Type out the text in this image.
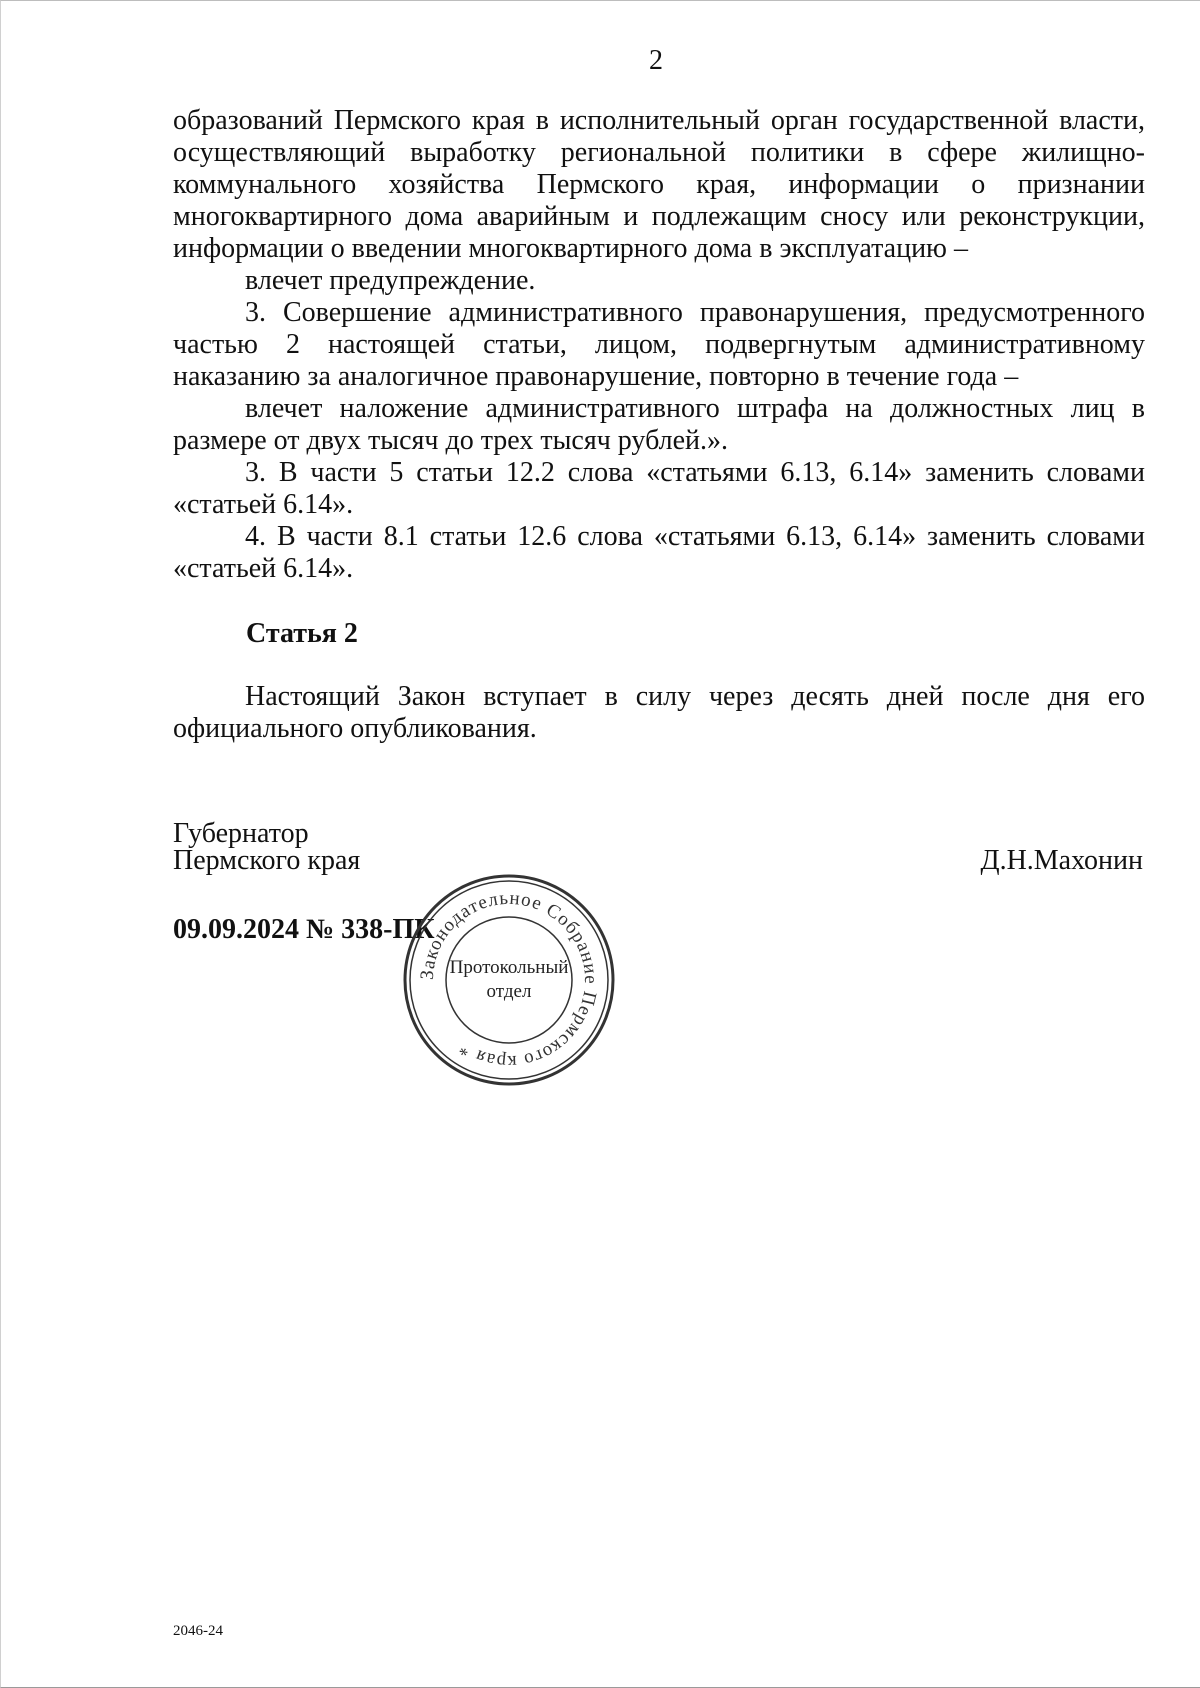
2

образований Пермского края в исполнительный орган государственной власти, осуществляющий выработку региональной политики в сфере жилищно-коммунального хозяйства Пермского края, информации о признании многоквартирного дома аварийным и подлежащим сносу или реконструкции, информации о введении многоквартирного дома в эксплуатацию –

влечет предупреждение.

3. Совершение административного правонарушения, предусмотренного частью 2 настоящей статьи, лицом, подвергнутым административному наказанию за аналогичное правонарушение, повторно в течение года –

влечет наложение административного штрафа на должностных лиц в размере от двух тысяч до трех тысяч рублей.».

3. В части 5 статьи 12.2 слова «статьями 6.13, 6.14» заменить словами «статьей 6.14».

4. В части 8.1 статьи 12.6 слова «статьями 6.13, 6.14» заменить словами «статьей 6.14».

Статья 2

Настоящий Закон вступает в силу через десять дней после дня его официального опубликования.

Губернатор
Пермского края	Д.Н.Махонин
09.09.2024 № 338-ПК
Законодательное Собрание Пермского края *
Протокольный
отдел
2046-24
